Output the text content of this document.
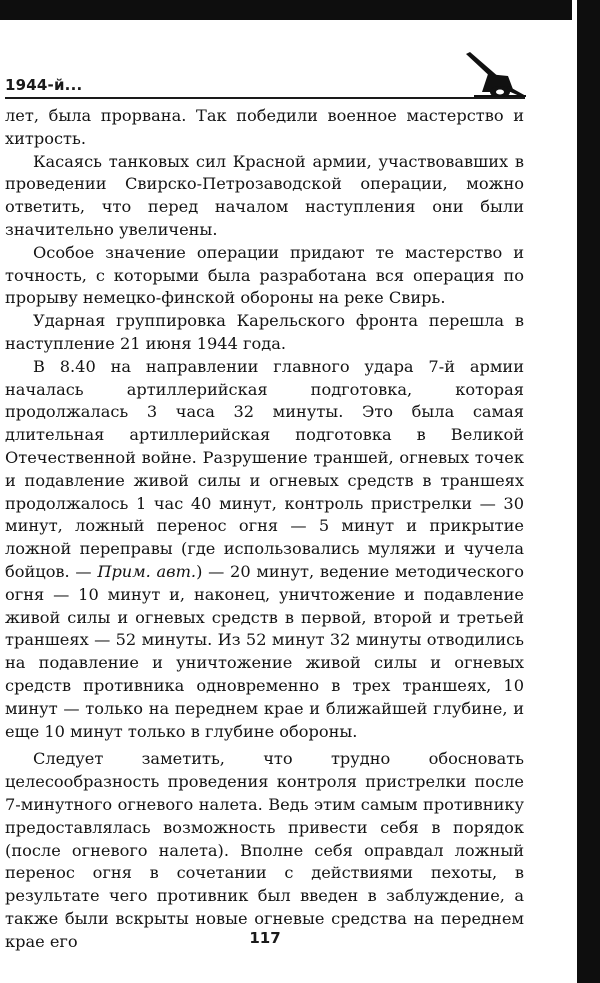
1944-й...

лет, была прорвана. Так победили военное мастерство и хитрость.

Касаясь танковых сил Красной армии, участвовавших в проведении Свирско-Петрозаводской операции, можно ответить, что перед началом наступления они были значительно увеличены.

Особое значение операции придают те мастерство и точность, с которыми была разработана вся операция по прорыву немецко-финской обороны на реке Свирь.

Ударная группировка Карельского фронта перешла в наступление 21 июня 1944 года.

В 8.40 на направлении главного удара 7-й армии началась артиллерийская подготовка, которая продолжалась 3 часа 32 минуты. Это была самая длительная артиллерийская подготовка в Великой Отечественной войне. Разрушение траншей, огневых точек и подавление живой силы и огневых средств в траншеях продолжалось 1 час 40 минут, контроль пристрелки — 30 минут, ложный перенос огня — 5 минут и прикрытие ложной переправы (где использовались муляжи и чучела бойцов. — Прим. авт.) — 20 минут, ведение методического огня — 10 минут и, наконец, уничтожение и подавление живой силы и огневых средств в первой, второй и третьей траншеях — 52 минуты. Из 52 минут 32 минуты отводились на подавление и уничтожение живой силы и огневых средств противника одновременно в трех траншеях, 10 минут — только на переднем крае и ближайшей глубине, и еще 10 минут только в глубине обороны.

Следует заметить, что трудно обосновать целесообразность проведения контроля пристрелки после 7-минутного огневого налета. Ведь этим самым противнику предоставлялась возможность привести себя в порядок (после огневого налета). Вполне себя оправдал ложный перенос огня в сочетании с действиями пехоты, в результате чего противник был введен в заблуждение, а также были вскрыты новые огневые средства на переднем крае его	117
